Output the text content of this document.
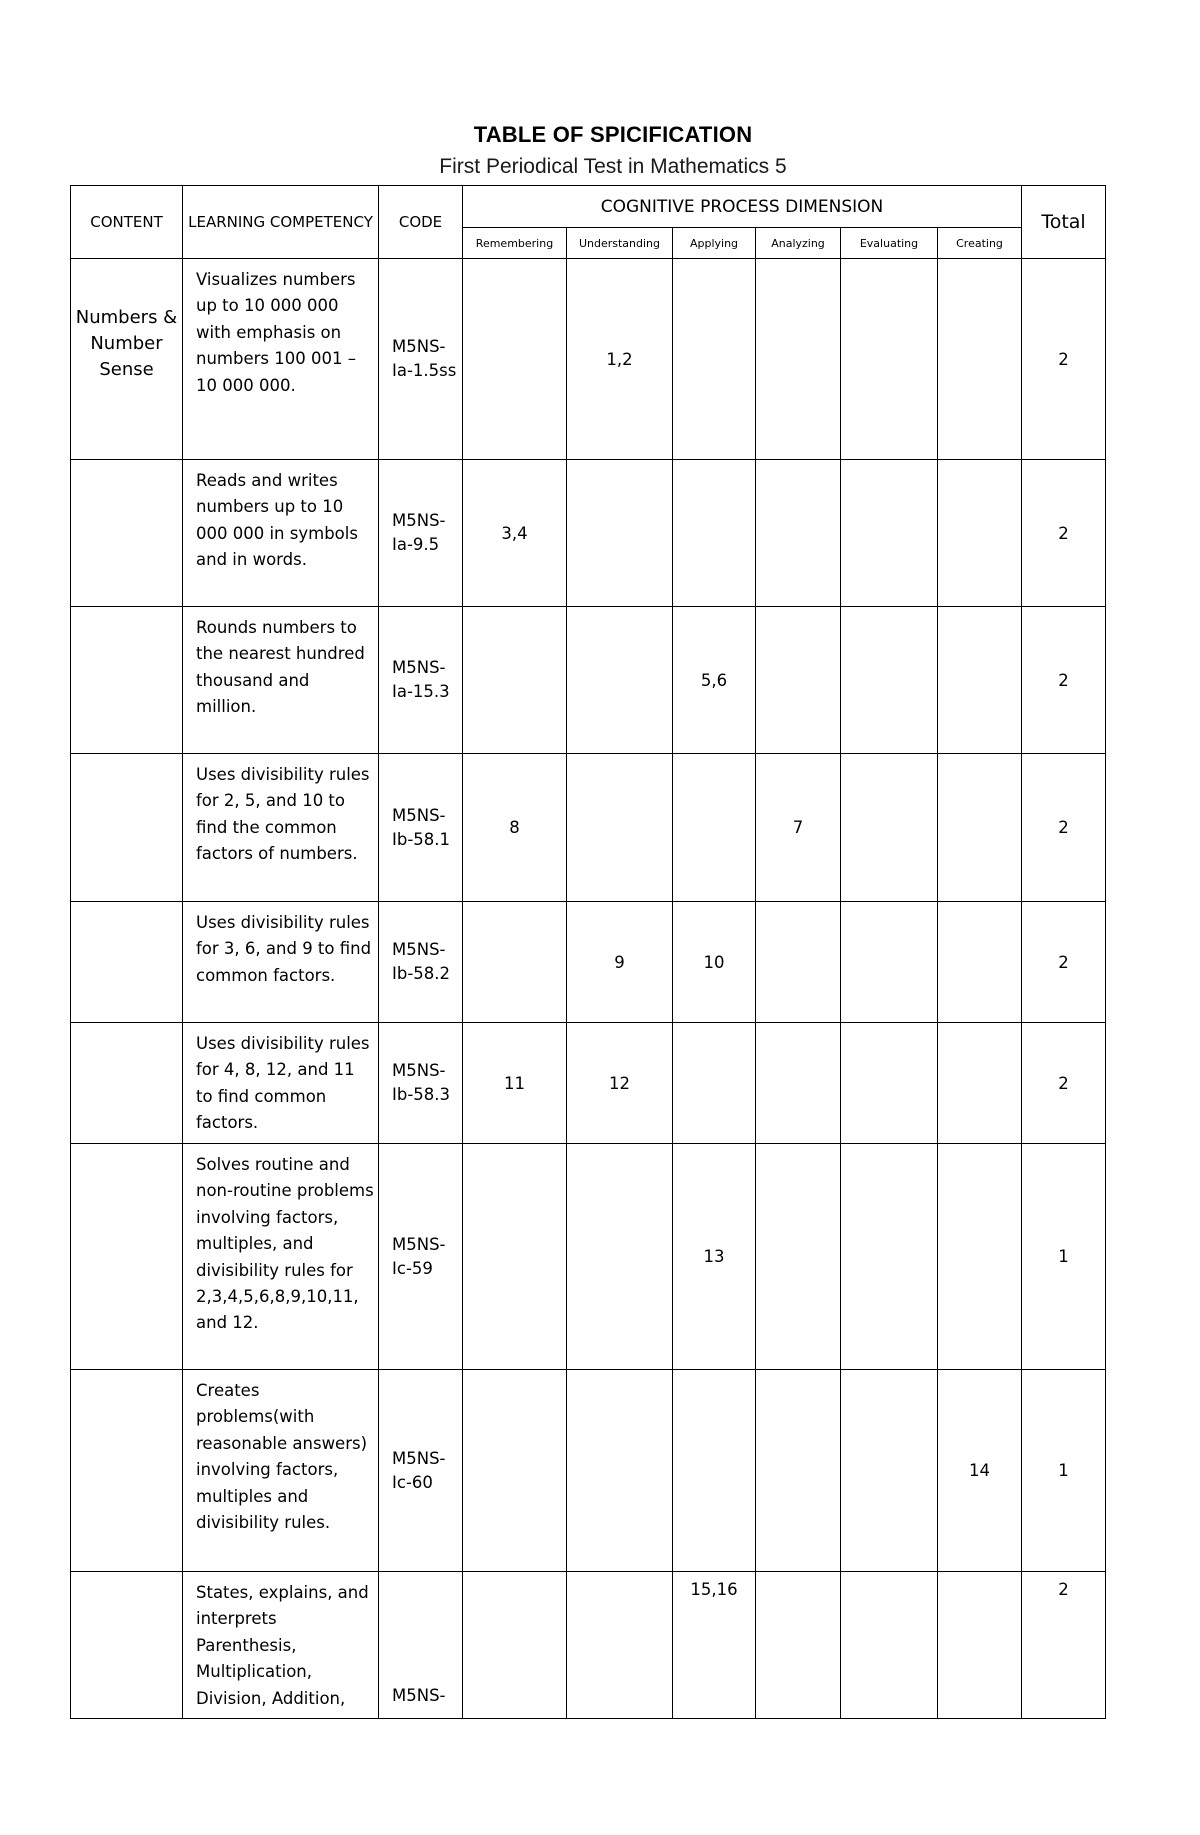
TABLE OF SPICIFICATION
First Periodical Test in Mathematics 5
CONTENT	LEARNING COMPETENCY	CODE	COGNITIVE PROCESS DIMENSION						Total
			Remembering	Understanding	Applying	Analyzing	Evaluating	Creating	
Numbers & Number Sense	Visualizes numbers up to 10 000 000 with emphasis on numbers 100 001 – 10 000 000.	M5NS-Ia-1.5ss		1,2					2
	Reads and writes numbers up to 10 000 000 in symbols and in words.	M5NS-Ia-9.5	3,4						2
	Rounds numbers to the nearest hundred thousand and million.	M5NS-Ia-15.3			5,6				2
	Uses divisibility rules for 2, 5, and 10 to find the common factors of numbers.	M5NS-Ib-58.1	8			7			2
	Uses divisibility rules for 3, 6, and 9 to find common factors.	M5NS-Ib-58.2		9	10				2
	Uses divisibility rules for 4, 8, 12, and 11 to find common factors.	M5NS-Ib-58.3	11	12					2
	Solves routine and non-routine problems involving factors, multiples, and divisibility rules for 2,3,4,5,6,8,9,10,11, and 12.	M5NS-Ic-59			13				1
	Creates problems(with reasonable answers) involving factors, multiples and divisibility rules.	M5NS-Ic-60						14	1
	States, explains, and interprets Parenthesis, Multiplication, Division, Addition,	M5NS-			15,16				2
